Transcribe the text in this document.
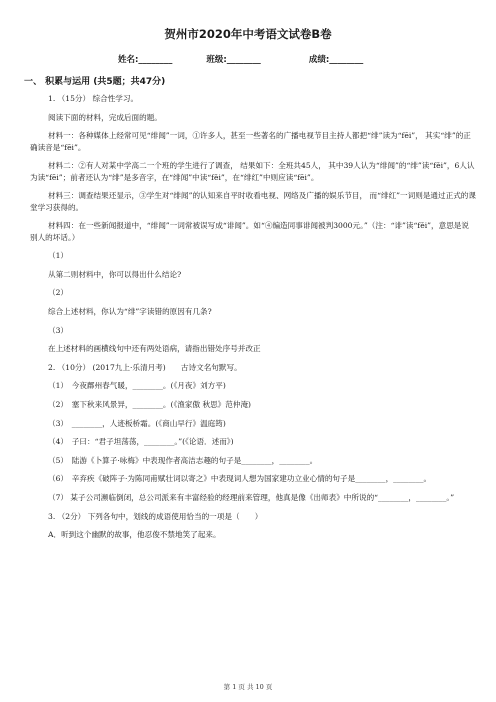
贺州市2020年中考语文试卷B卷
姓名:________	班级:________	成绩:________
一、 积累与运用 (共5题；共47分)

1. （15分） 综合性学习。

阅读下面的材料，完成后面的题。

材料一：各种媒体上经常可见“绯闻”一词，①许多人，甚至一些著名的广播电视节目主持人都把“绯”读为“fēi”， 其实“绯”的正确读音是“fēi”。

材料二：②有人对某中学高二一个班的学生进行了调查， 结果如下：全班共45人， 其中39人认为“绯闻”的“绯”读“fěi”，6人认为读“fēi”；前者还认为“绯”是多音字，在“绯闻”中读“fěi”，在“绯红”中则应读“fēi”。

材料三：调查结果还显示，③学生对“绯闻”的认知来自平时收看电视、网络及广播的娱乐节目， 而“绯红”一词则是通过正式的课堂学习获得的。

材料四：在一些新闻报道中，“绯闻”一词常被误写成“诽闻”。如“④编造同事诽闻被判3000元。”（注：“诽”读“fěi”，意思是说别人的坏话。）

（1）

从第二则材料中，你可以得出什么结论?

（2）

综合上述材料，你认为“绯”字读错的原因有几条?

（3）

在上述材料的画横线句中还有两处语病，请指出错处序号并改正

2. （10分） (2017九上·乐清月考)　　古诗文名句默写。

（1）　今夜鄜州春气暖，________。(《月夜》刘方平)

（2）　塞下秋来风景异，________。(《渔家傲 秋思》范仲淹)

（3）　________，人迹板桥霜。(《商山早行》温庭筠)

（4）　子曰：“君子坦荡荡，________。”(《论语．述而》)

（5）　陆游《卜算子·咏梅》中表现作者高洁志趣的句子是________，________。

（6）　辛弃疾《破阵子·为陈同甫赋壮词以寄之》中表现词人想为国家建功立业心情的句子是________，________。

（7） 某子公司濒临倒闭，总公司派来有丰富经验的经理前来管理，他真是像《出师表》中所说的“________，________。”

3. （2分） 下列各句中，划线的成语使用恰当的一项是（　　）

A．听到这个幽默的故事，他忍俊不禁地笑了起来。

第 1 页 共 10 页
